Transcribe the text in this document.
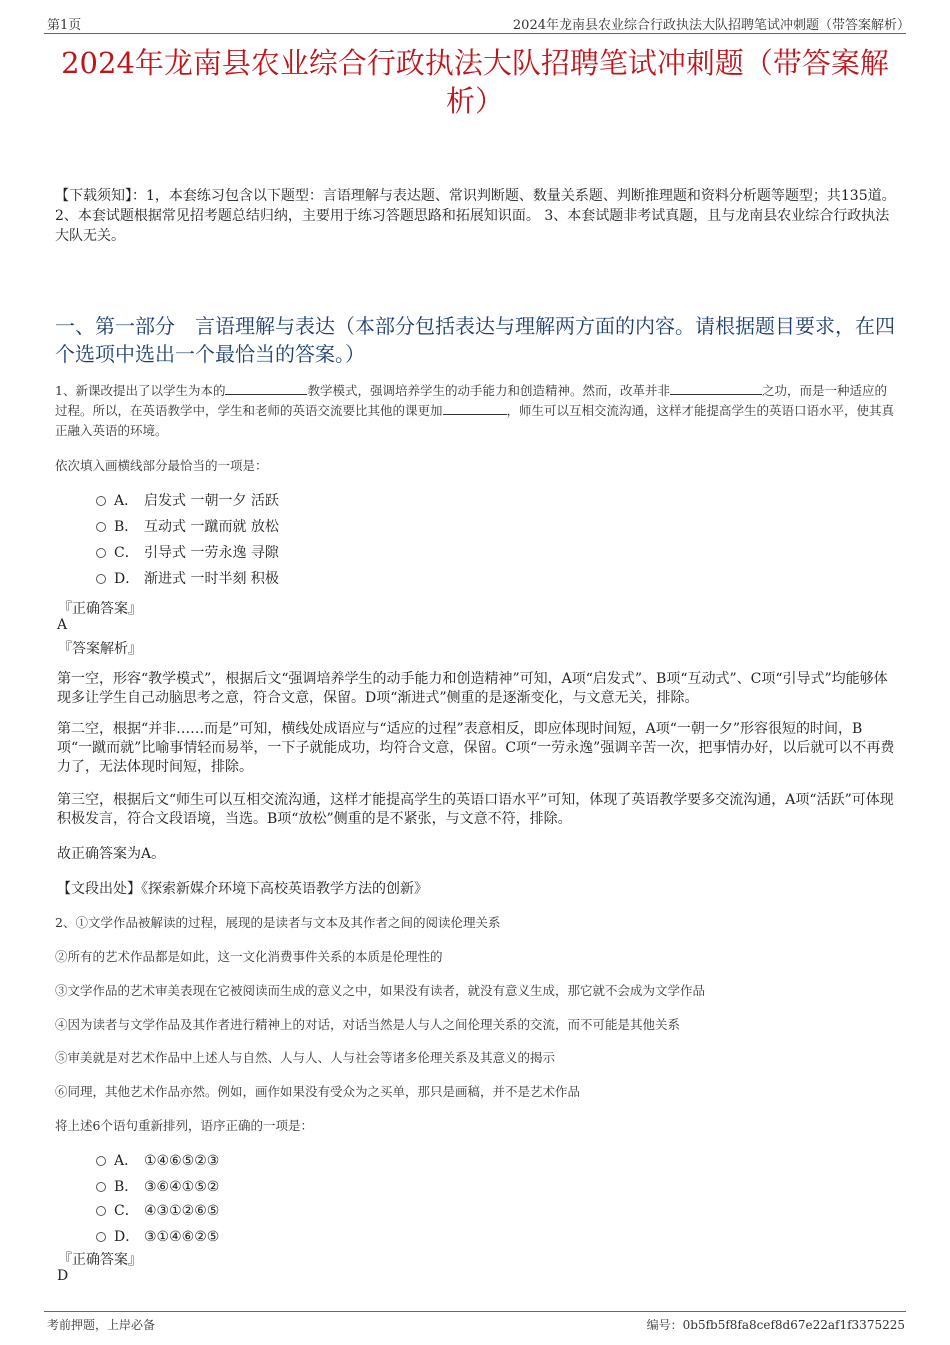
第1页	2024年龙南县农业综合行政执法大队招聘笔试冲刺题（带答案解析）
2024年龙南县农业综合行政执法大队招聘笔试冲刺题（带答案解析）
【下载须知】：1，本套练习包含以下题型：言语理解与表达题、常识判断题、数量关系题、判断推理题和资料分析题等题型；共135道。 2、本套试题根据常见招考题总结归纳，主要用于练习答题思路和拓展知识面。 3、本套试题非考试真题，且与龙南县农业综合行政执法大队无关。
一、第一部分　言语理解与表达（本部分包括表达与理解两方面的内容。请根据题目要求，在四个选项中选出一个最恰当的答案。）
1、新课改提出了以学生为本的	教学模式，强调培养学生的动手能力和创造精神。然而，改革并非	之功，而是一种适应的过程。所以，在英语教学中，学生和老师的英语交流要比其他的课更加	，师生可以互相交流沟通，这样才能提高学生的英语口语水平，使其真正融入英语的环境。
依次填入画横线部分最恰当的一项是：
A． 启发式 一朝一夕 活跃
B． 互动式 一蹴而就 放松
C． 引导式 一劳永逸 寻隙
D． 渐进式 一时半刻 积极
『正确答案』
A
『答案解析』
第一空，形容“教学模式”，根据后文“强调培养学生的动手能力和创造精神”可知，A项“启发式”、B项“互动式”、C项“引导式”均能够体现多让学生自己动脑思考之意，符合文意，保留。D项“渐进式”侧重的是逐渐变化，与文意无关，排除。
第二空，根据“并非……而是”可知，横线处成语应与“适应的过程”表意相反，即应体现时间短，A项“一朝一夕”形容很短的时间，B项“一蹴而就”比喻事情轻而易举，一下子就能成功，均符合文意，保留。C项“一劳永逸”强调辛苦一次，把事情办好，以后就可以不再费力了，无法体现时间短，排除。
第三空，根据后文“师生可以互相交流沟通，这样才能提高学生的英语口语水平”可知，体现了英语教学要多交流沟通，A项“活跃”可体现积极发言，符合文段语境，当选。B项“放松”侧重的是不紧张，与文意不符，排除。
故正确答案为A。
【文段出处】《探索新媒介环境下高校英语教学方法的创新》
2、①文学作品被解读的过程，展现的是读者与文本及其作者之间的阅读伦理关系
②所有的艺术作品都是如此，这一文化消费事件关系的本质是伦理性的
③文学作品的艺术审美表现在它被阅读而生成的意义之中，如果没有读者，就没有意义生成，那它就不会成为文学作品
④因为读者与文学作品及其作者进行精神上的对话，对话当然是人与人之间伦理关系的交流，而不可能是其他关系
⑤审美就是对艺术作品中上述人与自然、人与人、人与社会等诸多伦理关系及其意义的揭示
⑥同理，其他艺术作品亦然。例如，画作如果没有受众为之买单，那只是画稿，并不是艺术作品
将上述6个语句重新排列，语序正确的一项是：
A． ①④⑥⑤②③
B． ③⑥④①⑤②
C． ④③①②⑥⑤
D． ③①④⑥②⑤
『正确答案』
D
考前押题，上岸必备	编号：0b5fb5f8fa8cef8d67e22af1f3375225
